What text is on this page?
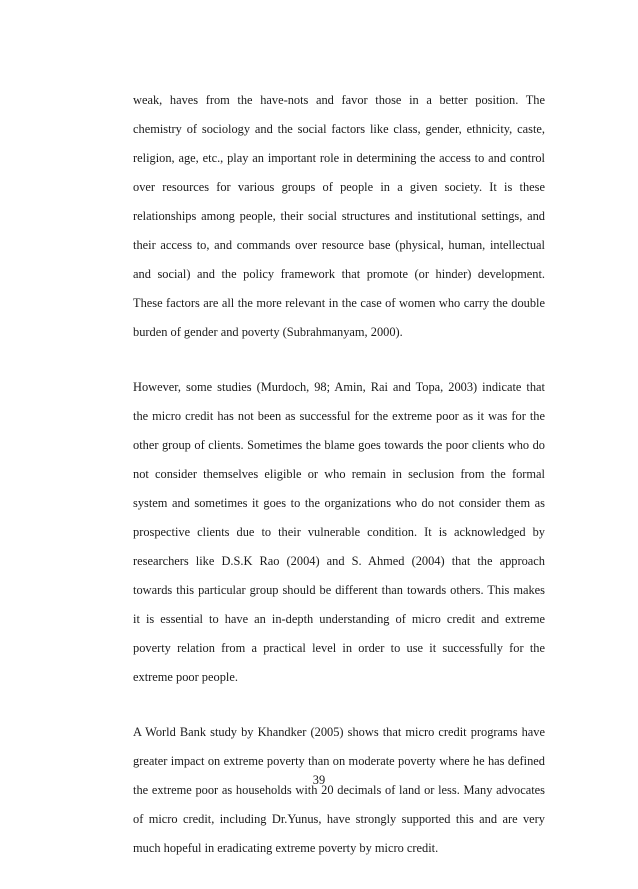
weak, haves from the have-nots and favor those in a better position. The
chemistry of sociology and the social factors like class, gender, ethnicity, caste,
religion, age, etc., play an important role in determining the access to and control
over resources for various groups of people in a given society. It is these
relationships among people, their social structures and institutional settings, and
their access to, and commands over resource base (physical, human, intellectual
and social) and the policy framework that promote (or hinder) development.
These factors are all the more relevant in the case of women who carry the double
burden of gender and poverty (Subrahmanyam, 2000).

However, some studies (Murdoch, 98; Amin, Rai and Topa, 2003) indicate that
the micro credit has not been as successful for the extreme poor as it was for the
other group of clients. Sometimes the blame goes towards the poor clients who do
not consider themselves eligible or who remain in seclusion from the formal
system and sometimes it goes to the organizations who do not consider them as
prospective clients due to their vulnerable condition. It is acknowledged by
researchers like D.S.K Rao (2004) and S. Ahmed (2004) that the approach
towards this particular group should be different than towards others. This makes
it is essential to have an in-depth understanding of micro credit and extreme
poverty relation from a practical level in order to use it successfully for the
extreme poor people.

A World Bank study by Khandker (2005) shows that micro credit programs have
greater impact on extreme poverty than on moderate poverty where he has defined
the extreme poor as households with 20 decimals of land or less. Many advocates
of micro credit, including Dr.Yunus, have strongly supported this and are very
much hopeful in eradicating extreme poverty by micro credit.

39
